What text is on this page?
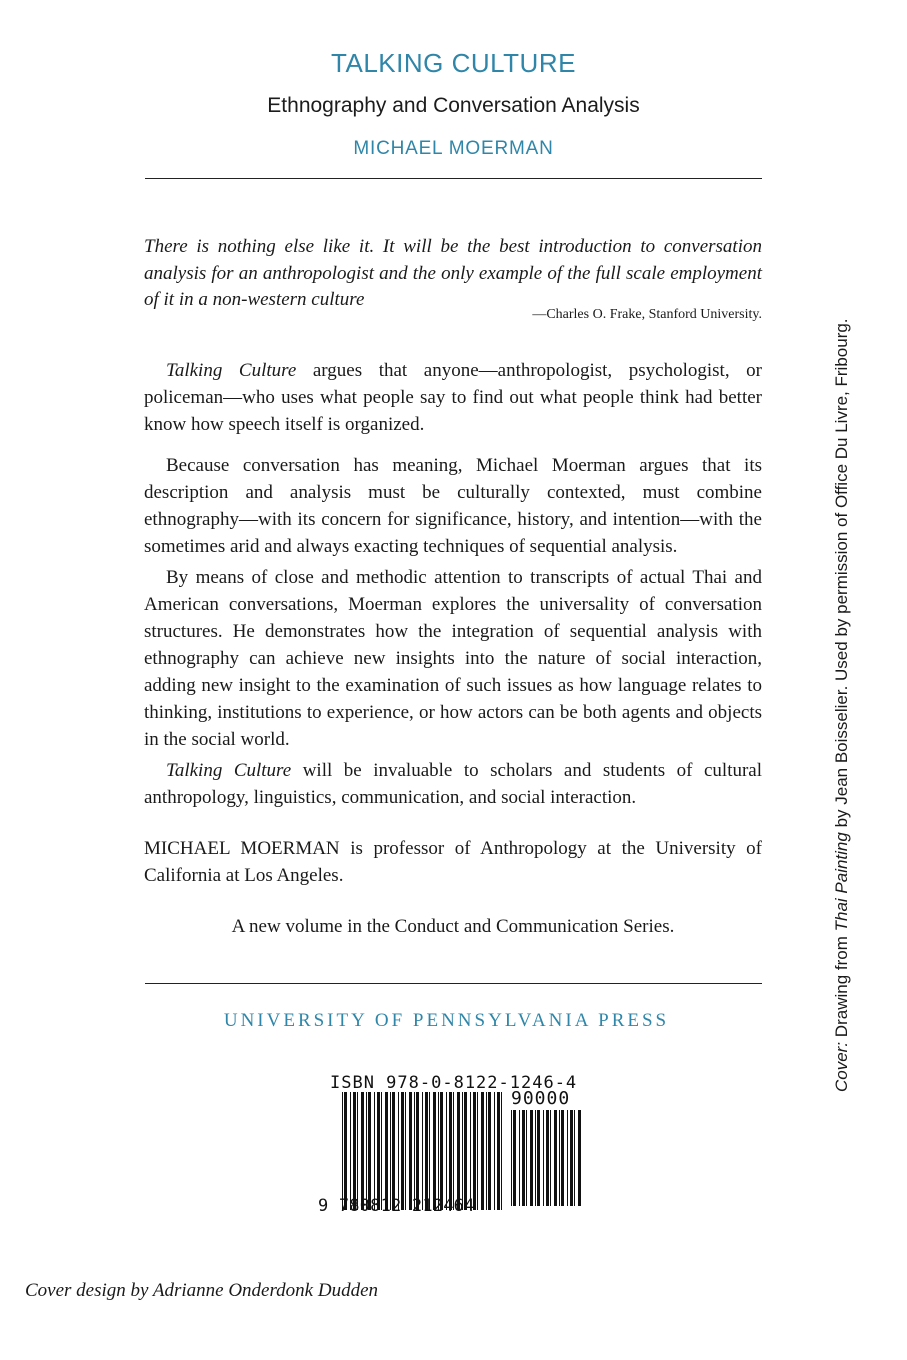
TALKING CULTURE
Ethnography and Conversation Analysis
MICHAEL MOERMAN

There is nothing else like it. It will be the best introduction to conversation analysis for an anthropologist and the only example of the full scale employment of it in a non-western culture

—Charles O. Frake, Stanford University.

Talking Culture argues that anyone—anthropologist, psychologist, or policeman—who uses what people say to find out what people think had better know how speech itself is organized.

Because conversation has meaning, Michael Moerman argues that its description and analysis must be culturally contexted, must combine ethnography—with its concern for significance, history, and intention—with the sometimes arid and always exacting techniques of sequential analysis.

By means of close and methodic attention to transcripts of actual Thai and American conversations, Moerman explores the universality of conversation structures. He demonstrates how the integration of sequential analysis with ethnography can achieve new insights into the nature of social interaction, adding new insight to the examination of such issues as how language relates to thinking, institutions to experience, or how actors can be both agents and objects in the social world.

Talking Culture will be invaluable to scholars and students of cultural anthropology, linguistics, communication, and social interaction.

MICHAEL MOERMAN is professor of Anthropology at the University of California at Los Angeles.

A new volume in the Conduct and Communication Series.

UNIVERSITY OF PENNSYLVANIA PRESS
ISBN 978-0-8122-1246-4
90000
9 780812 212464
Cover design by Adrianne Onderdonk Dudden
Cover: Drawing from Thai Painting by Jean Boisselier. Used by permission of Office Du Livre, Fribourg.
